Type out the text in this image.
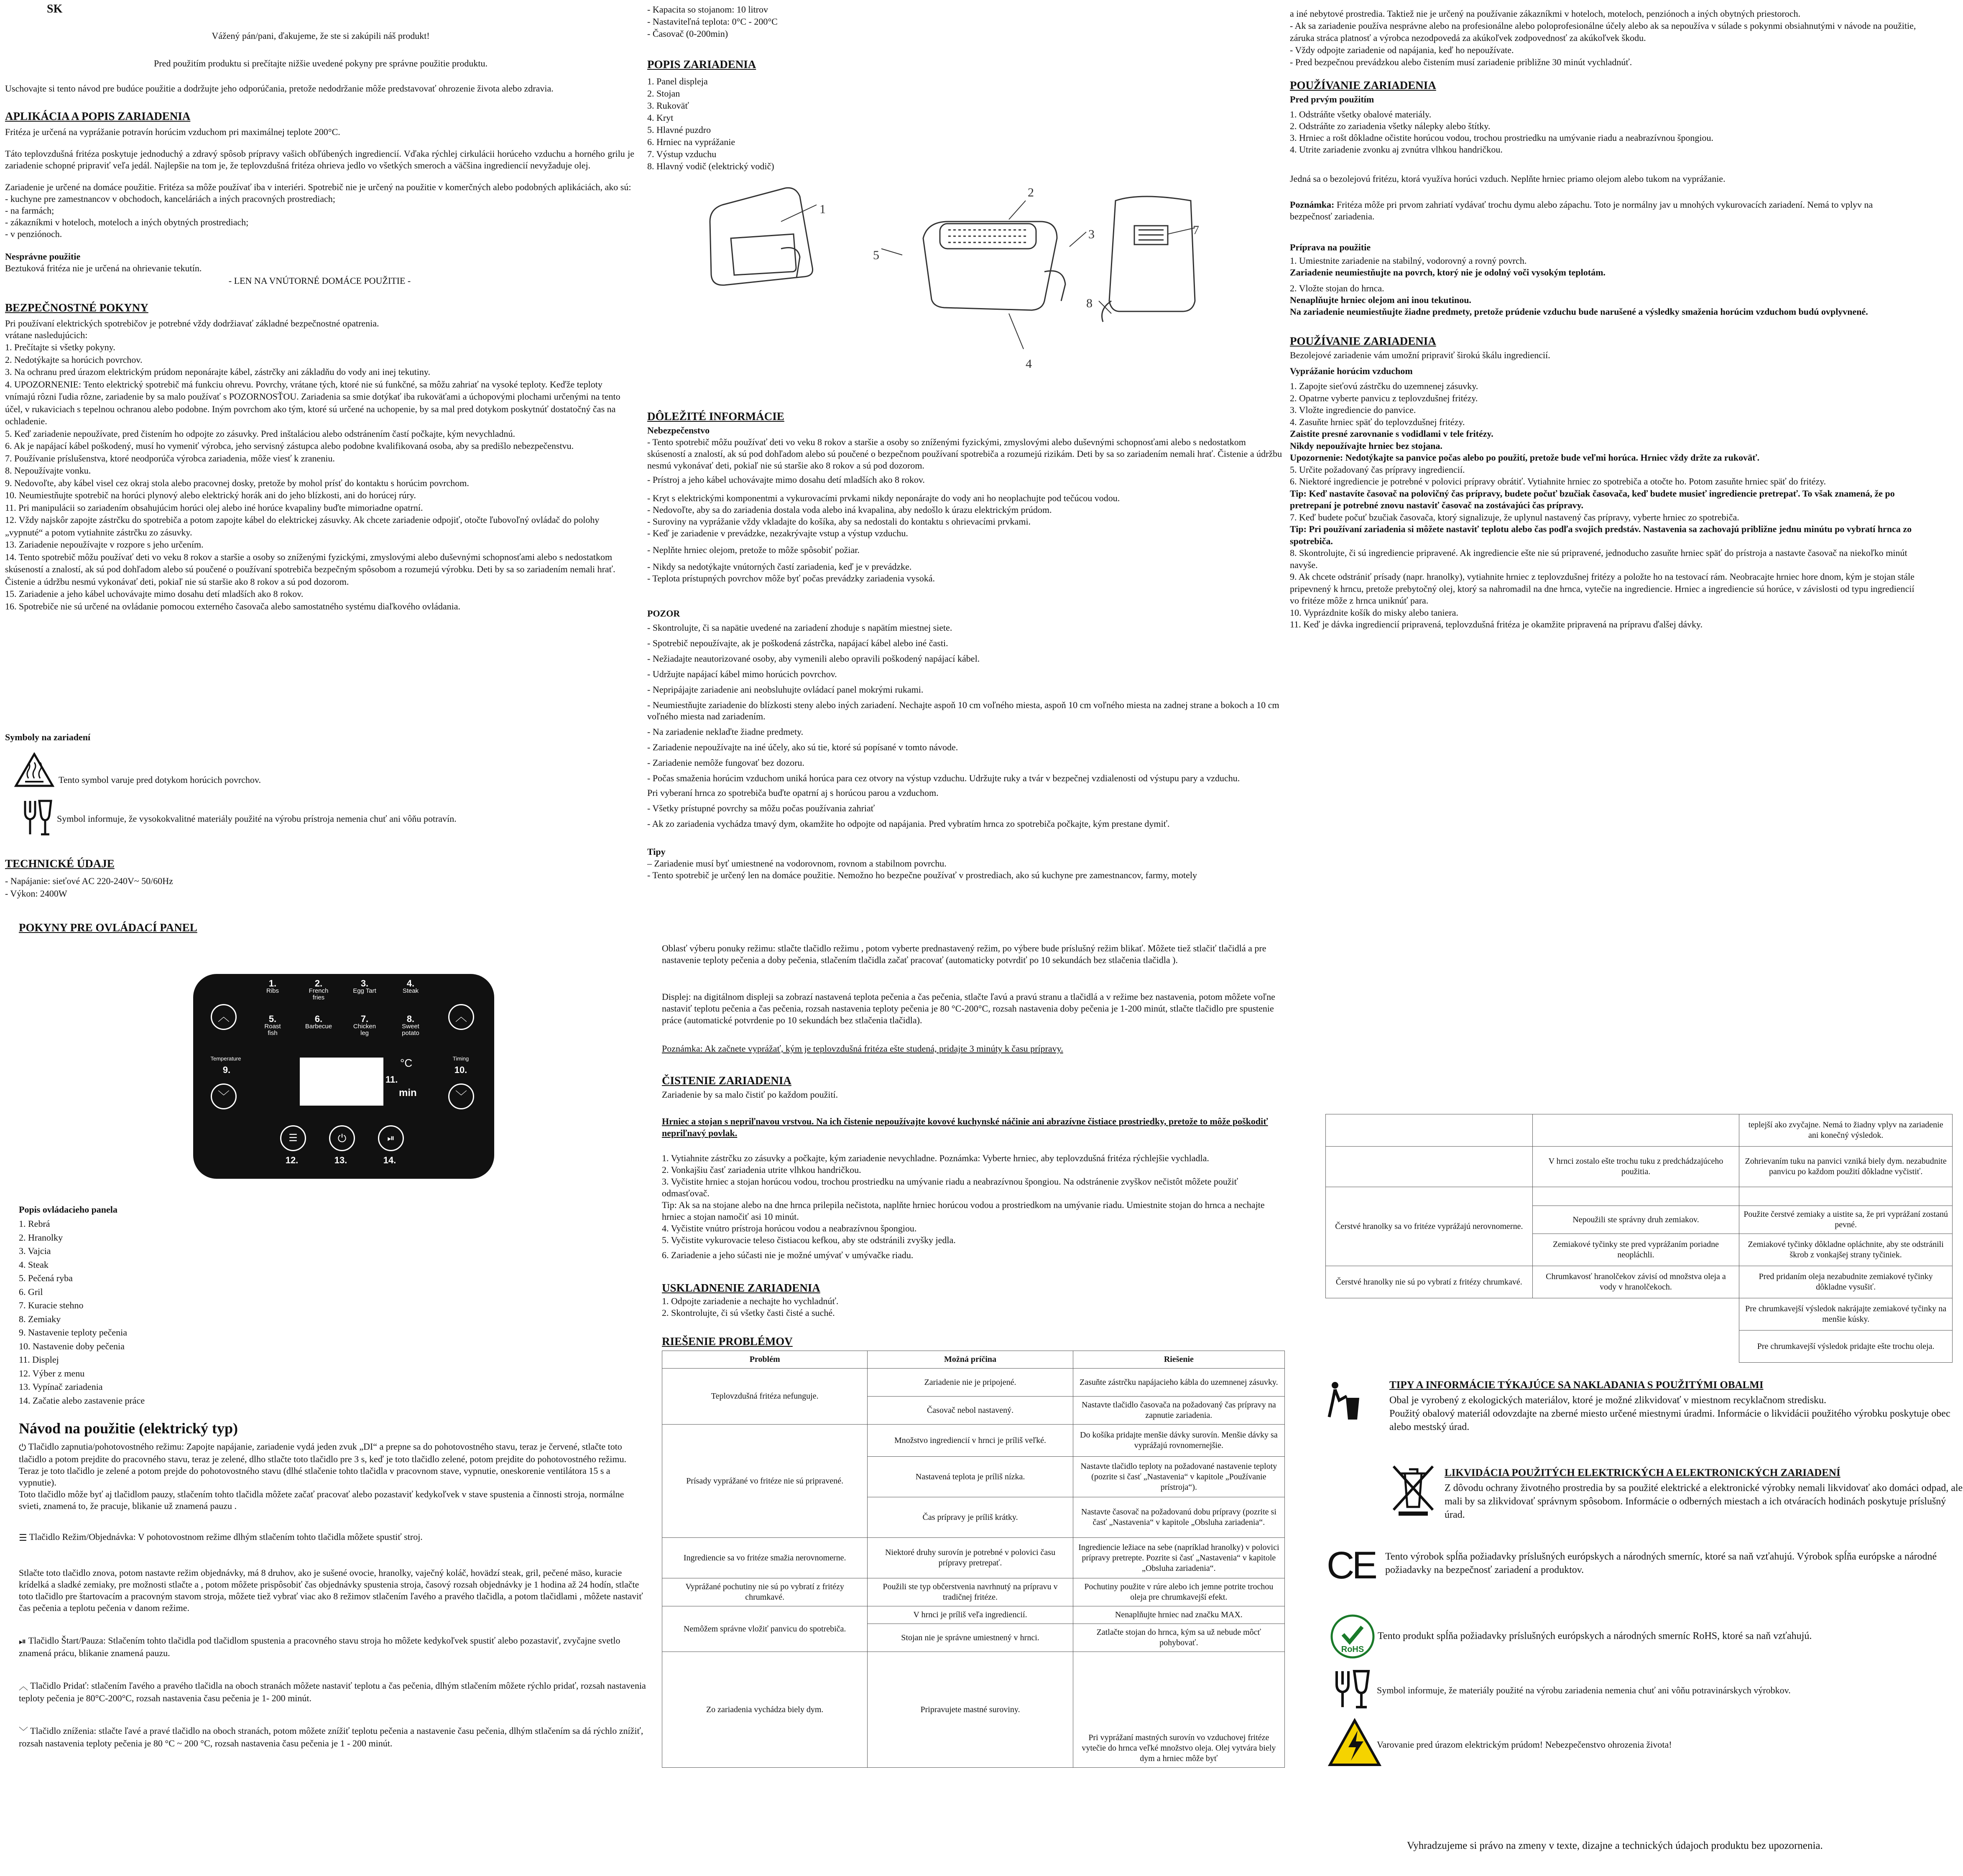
SK
Vážený pán/pani, ďakujeme, že ste si zakúpili náš produkt!
Pred použitím produktu si prečítajte nižšie uvedené pokyny pre správne použitie produktu.
Uschovajte si tento návod pre budúce použitie a dodržujte jeho odporúčania, pretože nedodržanie môže predstavovať ohrozenie života alebo zdravia.
APLIKÁCIA A POPIS ZARIADENIA
Fritéza je určená na vyprážanie potravín horúcim vzduchom pri maximálnej teplote 200°C.
Táto teplovzdušná fritéza poskytuje jednoduchý a zdravý spôsob prípravy vašich obľúbených ingrediencií. Vďaka rýchlej cirkulácii horúceho vzduchu a horného grilu je zariadenie schopné pripraviť veľa jedál. Najlepšie na tom je, že teplovzdušná fritéza ohrieva jedlo vo všetkých smeroch a väčšina ingrediencií nevyžaduje olej.
Zariadenie je určené na domáce použitie. Fritéza sa môže používať iba v interiéri. Spotrebič nie je určený na použitie v komerčných alebo podobných aplikáciách, ako sú:
- kuchyne pre zamestnancov v obchodoch, kanceláriách a iných pracovných prostrediach;
- na farmách;
- zákazníkmi v hoteloch, moteloch a iných obytných prostrediach;
- v penziónoch.
Nesprávne použitie
Beztuková fritéza nie je určená na ohrievanie tekutín.
- LEN NA VNÚTORNÉ DOMÁCE POUŽITIE -
BEZPEČNOSTNÉ POKYNY
Pri používaní elektrických spotrebičov je potrebné vždy dodržiavať základné bezpečnostné opatrenia.
vrátane nasledujúcich:
1. Prečítajte si všetky pokyny.
2. Nedotýkajte sa horúcich povrchov.
3. Na ochranu pred úrazom elektrickým prúdom neponárajte kábel, zástrčky ani základňu do vody ani inej tekutiny.
4. UPOZORNENIE: Tento elektrický spotrebič má funkciu ohrevu. Povrchy, vrátane tých, ktoré nie sú funkčné, sa môžu zahriať na vysoké teploty. Keďže teploty vnímajú rôzni ľudia rôzne, zariadenie by sa malo používať s POZORNOSŤOU. Zariadenia sa smie dotýkať iba rukoväťami a úchopovými plochami určenými na tento účel, v rukaviciach s tepelnou ochranou alebo podobne. Iným povrchom ako tým, ktoré sú určené na uchopenie, by sa mal pred dotykom poskytnúť dostatočný čas na ochladenie.
5. Keď zariadenie nepoužívate, pred čistením ho odpojte zo zásuvky. Pred inštaláciou alebo odstránením častí počkajte, kým nevychladnú.
6. Ak je napájací kábel poškodený, musí ho vymeniť výrobca, jeho servisný zástupca alebo podobne kvalifikovaná osoba, aby sa predišlo nebezpečenstvu.
7. Používanie príslušenstva, ktoré neodporúča výrobca zariadenia, môže viesť k zraneniu.
8. Nepoužívajte vonku.
9. Nedovoľte, aby kábel visel cez okraj stola alebo pracovnej dosky, pretože by mohol prísť do kontaktu s horúcim povrchom.
10. Neumiestňujte spotrebič na horúci plynový alebo elektrický horák ani do jeho blízkosti, ani do horúcej rúry.
11. Pri manipulácii so zariadením obsahujúcim horúci olej alebo iné horúce kvapaliny buďte mimoriadne opatrní.
12. Vždy najskôr zapojte zástrčku do spotrebiča a potom zapojte kábel do elektrickej zásuvky. Ak chcete zariadenie odpojiť, otočte ľubovoľný ovládač do polohy „vypnuté“ a potom vytiahnite zástrčku zo zásuvky.
13. Zariadenie nepoužívajte v rozpore s jeho určením.
14. Tento spotrebič môžu používať deti vo veku 8 rokov a staršie a osoby so zníženými fyzickými, zmyslovými alebo duševnými schopnosťami alebo s nedostatkom skúseností a znalostí, ak sú pod dohľadom alebo sú poučené o používaní spotrebiča bezpečným spôsobom a rozumejú výrobku. Deti by sa so zariadením nemali hrať. Čistenie a údržbu nesmú vykonávať deti, pokiaľ nie sú staršie ako 8 rokov a sú pod dozorom.
15. Zariadenie a jeho kábel uchovávajte mimo dosahu detí mladších ako 8 rokov.
16. Spotrebiče nie sú určené na ovládanie pomocou externého časovača alebo samostatného systému diaľkového ovládania.
Symboly na zariadení
Tento symbol varuje pred dotykom horúcich povrchov.
Symbol informuje, že vysokokvalitné materiály použité na výrobu prístroja nemenia chuť ani vôňu potravín.
TECHNICKÉ ÚDAJE
- Napájanie: sieťové AC 220-240V~ 50/60Hz
- Výkon: 2400W
POKYNY PRE OVLÁDACÍ PANEL
1.
Ribs
2.
French fries
3.
Egg Tart
4.
Steak
5.
Roast fish
6.
Barbecue
7.
Chicken leg
8.
Sweet potato
︿	︿
Temperature	Timing
9.	10.
﹀	﹀
°C
11.
min
☰	⏻	⏯
12.	13.	14.
Popis ovládacieho panela
1. Rebrá
2. Hranolky
3. Vajcia
4. Steak
5. Pečená ryba
6. Gril
7. Kuracie stehno
8. Zemiaky
9. Nastavenie teploty pečenia
10. Nastavenie doby pečenia
11. Displej
12. Výber z menu
13. Vypínač zariadenia
14. Začatie alebo zastavenie práce
Návod na použitie (elektrický typ)
⏻ Tlačidlo zapnutia/pohotovostného režimu: Zapojte napájanie, zariadenie vydá jeden zvuk „DI“ a prepne sa do pohotovostného stavu, teraz je červené, stlačte toto tlačidlo a potom prejdite do pracovného stavu, teraz je zelené, dlho stlačte toto tlačidlo pre 3 s, keď je toto tlačidlo zelené, potom prejdite do pohotovostného režimu.
Teraz je toto tlačidlo je zelené a potom prejde do pohotovostného stavu (dlhé stlačenie tohto tlačidla v pracovnom stave, vypnutie, oneskorenie ventilátora 15 s a vypnutie).
Toto tlačidlo môže byť aj tlačidlom pauzy, stlačením tohto tlačidla môžete začať pracovať alebo pozastaviť kedykoľvek v stave spustenia a činnosti stroja, normálne svieti, znamená to, že pracuje, blikanie už znamená pauzu .
☰ Tlačidlo Režim/Objednávka: V pohotovostnom režime dlhým stlačením tohto tlačidla môžete spustiť stroj.
Stlačte toto tlačidlo znova, potom nastavte režim objednávky, má 8 druhov, ako je sušené ovocie, hranolky, vaječný koláč, hovädzí steak, gril, pečené mäso, kuracie krídelká a sladké zemiaky, pre možnosti stlačte a , potom môžete prispôsobiť čas objednávky spustenia stroja, časový rozsah objednávky je 1 hodina až 24 hodín, stlačte toto tlačidlo pre štartovacím a pracovným stavom stroja, môžete tiež vybrať viac ako 8 režimov stlačením ľavého a pravého tlačidla, a potom tlačidlami , môžete nastaviť čas pečenia a teplotu pečenia v danom režime.
⏯ Tlačidlo Štart/Pauza: Stlačením tohto tlačidla pod tlačidlom spustenia a pracovného stavu stroja ho môžete kedykoľvek spustiť alebo pozastaviť, zvyčajne svetlo znamená prácu, blikanie znamená pauzu.
︿ Tlačidlo Pridať: stlačením ľavého a pravého tlačidla na oboch stranách môžete nastaviť teplotu a čas pečenia, dlhým stlačením môžete rýchlo pridať, rozsah nastavenia teploty pečenia je 80°C-200°C, rozsah nastavenia času pečenia je 1- 200 minút.
﹀ Tlačidlo zníženia: stlačte ľavé a pravé tlačidlo na oboch stranách, potom môžete znížiť teplotu pečenia a nastavenie času pečenia, dlhým stlačením sa dá rýchlo znížiť, rozsah nastavenia teploty pečenia je 80 °C ~ 200 °C, rozsah nastavenia času pečenia je 1 - 200 minút.
- Kapacita so stojanom: 10 litrov
- Nastaviteľná teplota: 0°C - 200°C
- Časovač (0-200min)
POPIS ZARIADENIA
1. Panel displeja
2. Stojan
3. Rukoväť
4. Kryt
5. Hlavné puzdro
6. Hrniec na vyprážanie
7. Výstup vzduchu
8. Hlavný vodič (elektrický vodič)
1
2
3
4
5
7
8
DÔLEŽITÉ INFORMÁCIE
Nebezpečenstvo
- Tento spotrebič môžu používať deti vo veku 8 rokov a staršie a osoby so zníženými fyzickými, zmyslovými alebo duševnými schopnosťami alebo s nedostatkom skúseností a znalostí, ak sú pod dohľadom alebo sú poučené o bezpečnom používaní spotrebiča a rozumejú rizikám. Deti by sa so zariadením nemali hrať. Čistenie a údržbu nesmú vykonávať deti, pokiaľ nie sú staršie ako 8 rokov a sú pod dozorom.
- Prístroj a jeho kábel uchovávajte mimo dosahu detí mladších ako 8 rokov.
- Kryt s elektrickými komponentmi a vykurovacími prvkami nikdy neponárajte do vody ani ho neoplachujte pod tečúcou vodou.
- Nedovoľte, aby sa do zariadenia dostala voda alebo iná kvapalina, aby nedošlo k úrazu elektrickým prúdom.
- Suroviny na vyprážanie vždy vkladajte do košíka, aby sa nedostali do kontaktu s ohrievacími prvkami.
- Keď je zariadenie v prevádzke, nezakrývajte vstup a výstup vzduchu.
- Neplňte hrniec olejom, pretože to môže spôsobiť požiar.
- Nikdy sa nedotýkajte vnútorných častí zariadenia, keď je v prevádzke.
- Teplota prístupných povrchov môže byť počas prevádzky zariadenia vysoká.
POZOR
- Skontrolujte, či sa napätie uvedené na zariadení zhoduje s napätím miestnej siete.
- Spotrebič nepoužívajte, ak je poškodená zástrčka, napájací kábel alebo iné časti.
- Nežiadajte neautorizované osoby, aby vymenili alebo opravili poškodený napájací kábel.
- Udržujte napájací kábel mimo horúcich povrchov.
- Nepripájajte zariadenie ani neobsluhujte ovládací panel mokrými rukami.
- Neumiestňujte zariadenie do blízkosti steny alebo iných zariadení. Nechajte aspoň 10 cm voľného miesta, aspoň 10 cm voľného miesta na zadnej strane a bokoch a 10 cm voľného miesta nad zariadením.
- Na zariadenie neklaďte žiadne predmety.
- Zariadenie nepoužívajte na iné účely, ako sú tie, ktoré sú popísané v tomto návode.
- Zariadenie nemôže fungovať bez dozoru.
- Počas smaženia horúcim vzduchom uniká horúca para cez otvory na výstup vzduchu. Udržujte ruky a tvár v bezpečnej vzdialenosti od výstupu pary a vzduchu.
Pri vyberaní hrnca zo spotrebiča buďte opatrní aj s horúcou parou a vzduchom.
- Všetky prístupné povrchy sa môžu počas používania zahriať
- Ak zo zariadenia vychádza tmavý dym, okamžite ho odpojte od napájania. Pred vybratím hrnca zo spotrebiča počkajte, kým prestane dymiť.
Tipy
– Zariadenie musí byť umiestnené na vodorovnom, rovnom a stabilnom povrchu.
- Tento spotrebič je určený len na domáce použitie. Nemožno ho bezpečne používať v prostrediach, ako sú kuchyne pre zamestnancov, farmy, motely
Oblasť výberu ponuky režimu: stlačte tlačidlo režimu , potom vyberte prednastavený režim, po výbere bude príslušný režim blikať. Môžete tiež stlačiť tlačidlá a pre nastavenie teploty pečenia a doby pečenia, stlačením tlačidla začať pracovať (automaticky potvrdiť po 10 sekundách bez stlačenia tlačidla ).
Displej: na digitálnom displeji sa zobrazí nastavená teplota pečenia a čas pečenia, stlačte ľavú a pravú stranu a tlačidlá a v režime bez nastavenia, potom môžete voľne nastaviť teplotu pečenia a čas pečenia, rozsah nastavenia teploty pečenia je 80 °C-200°C, rozsah nastavenia doby pečenia je 1-200 minút, stlačte tlačidlo pre spustenie práce (automatické potvrdenie po 10 sekundách bez stlačenia tlačidla).
Poznámka: Ak začnete vyprážať, kým je teplovzdušná fritéza ešte studená, pridajte 3 minúty k času prípravy.
ČISTENIE ZARIADENIA
Zariadenie by sa malo čistiť po každom použití.
Hrniec a stojan s nepriľnavou vrstvou. Na ich čistenie nepoužívajte kovové kuchynské náčinie ani abrazívne čistiace prostriedky, pretože to môže poškodiť nepriľnavý povlak.
1. Vytiahnite zástrčku zo zásuvky a počkajte, kým zariadenie nevychladne. Poznámka: Vyberte hrniec, aby teplovzdušná fritéza rýchlejšie vychladla.
2. Vonkajšiu časť zariadenia utrite vlhkou handričkou.
3. Vyčistite hrniec a stojan horúcou vodou, trochou prostriedku na umývanie riadu a neabrazívnou špongiou. Na odstránenie zvyškov nečistôt môžete použiť odmasťovač.
Tip: Ak sa na stojane alebo na dne hrnca prilepila nečistota, naplňte hrniec horúcou vodou a prostriedkom na umývanie riadu. Umiestnite stojan do hrnca a nechajte hrniec a stojan namočiť asi 10 minút.
4. Vyčistite vnútro prístroja horúcou vodou a neabrazívnou špongiou.
5. Vyčistite vykurovacie teleso čistiacou kefkou, aby ste odstránili zvyšky jedla.
6. Zariadenie a jeho súčasti nie je možné umývať v umývačke riadu.
USKLADNENIE ZARIADENIA
1. Odpojte zariadenie a nechajte ho vychladnúť.
2. Skontrolujte, či sú všetky časti čisté a suché.
RIEŠENIE PROBLÉMOV
Problém	Možná príčina	Riešenie
Teplovzdušná fritéza nefunguje.	Zariadenie nie je pripojené.	Zasuňte zástrčku napájacieho kábla do uzemnenej zásuvky.
	Časovač nebol nastavený.	Nastavte tlačidlo časovača na požadovaný čas prípravy na zapnutie zariadenia.
Prísady vyprážané vo fritéze nie sú pripravené.	Množstvo ingrediencií v hrnci je príliš veľké.	Do košíka pridajte menšie dávky surovín. Menšie dávky sa vyprážajú rovnomernejšie.
	Nastavená teplota je príliš nízka.	Nastavte tlačidlo teploty na požadované nastavenie teploty (pozrite si časť „Nastavenia“ v kapitole „Používanie prístroja“).
	Čas prípravy je príliš krátky.	Nastavte časovač na požadovanú dobu prípravy (pozrite si časť „Nastavenia“ v kapitole „Obsluha zariadenia“.
Ingrediencie sa vo fritéze smažia nerovnomerne.	Niektoré druhy surovín je potrebné v polovici času prípravy pretrepať.	Ingrediencie ležiace na sebe (napríklad hranolky) v polovici prípravy pretrepte. Pozrite si časť „Nastavenia“ v kapitole „Obsluha zariadenia“.
Vyprážané pochutiny nie sú po vybratí z fritézy chrumkavé.	Použili ste typ občerstvenia navrhnutý na prípravu v tradičnej fritéze.	Pochutiny použite v rúre alebo ich jemne potrite trochou oleja pre chrumkavejší efekt.
Nemôžem správne vložiť panvicu do spotrebiča.	V hrnci je príliš veľa ingrediencií.	Nenaplňujte hrniec nad značku MAX.
	Stojan nie je správne umiestnený v hrnci.	Zatlačte stojan do hrnca, kým sa už nebude môcť pohybovať.
Zo zariadenia vychádza biely dym.	Pripravujete mastné suroviny.	Pri vyprážaní mastných surovín vo vzduchovej fritéze vytečie do hrnca veľké množstvo oleja. Olej vytvára biely dym a hrniec môže byť
a iné nebytové prostredia. Taktiež nie je určený na používanie zákazníkmi v hoteloch, moteloch, penziónoch a iných obytných priestoroch.
- Ak sa zariadenie používa nesprávne alebo na profesionálne alebo poloprofesionálne účely alebo ak sa nepoužíva v súlade s pokynmi obsiahnutými v návode na použitie, záruka stráca platnosť a výrobca nezodpovedá za akúkoľvek zodpovednosť za akúkoľvek škodu.
- Vždy odpojte zariadenie od napájania, keď ho nepoužívate.
- Pred bezpečnou prevádzkou alebo čistením musí zariadenie približne 30 minút vychladnúť.
POUŽÍVANIE ZARIADENIA
Pred prvým použitím
1. Odstráňte všetky obalové materiály.
2. Odstráňte zo zariadenia všetky nálepky alebo štítky.
3. Hrniec a rošt dôkladne očistite horúcou vodou, trochou prostriedku na umývanie riadu a neabrazívnou špongiou.
4. Utrite zariadenie zvonku aj zvnútra vlhkou handričkou.
Jedná sa o bezolejovú fritézu, ktorá využíva horúci vzduch. Neplňte hrniec priamo olejom alebo tukom na vyprážanie.
Poznámka: Fritéza môže pri prvom zahriatí vydávať trochu dymu alebo zápachu. Toto je normálny jav u mnohých vykurovacích zariadení. Nemá to vplyv na bezpečnosť zariadenia.
Príprava na použitie
1. Umiestnite zariadenie na stabilný, vodorovný a rovný povrch.
Zariadenie neumiestňujte na povrch, ktorý nie je odolný voči vysokým teplotám.
2. Vložte stojan do hrnca.
Nenaplňujte hrniec olejom ani inou tekutinou.
Na zariadenie neumiestňujte žiadne predmety, pretože prúdenie vzduchu bude narušené a výsledky smaženia horúcim vzduchom budú ovplyvnené.
POUŽÍVANIE ZARIADENIA
Bezolejové zariadenie vám umožní pripraviť širokú škálu ingrediencií.
Vyprážanie horúcim vzduchom
1. Zapojte sieťovú zástrčku do uzemnenej zásuvky.
2. Opatrne vyberte panvicu z teplovzdušnej fritézy.
3. Vložte ingrediencie do panvice.
4. Zasuňte hrniec späť do teplovzdušnej fritézy.
Zaistite presné zarovnanie s vodidlami v tele fritézy.
Nikdy nepoužívajte hrniec bez stojana.
Upozornenie: Nedotýkajte sa panvice počas alebo po použití, pretože bude veľmi horúca. Hrniec vždy držte za rukoväť.
5. Určite požadovaný čas prípravy ingrediencií.
6. Niektoré ingrediencie je potrebné v polovici prípravy obrátiť. Vytiahnite hrniec zo spotrebiča a otočte ho. Potom zasuňte hrniec späť do fritézy.
Tip: Keď nastavíte časovač na polovičný čas prípravy, budete počuť bzučiak časovača, keď budete musieť ingrediencie pretrepať. To však znamená, že po pretrepaní je potrebné znovu nastaviť časovač na zostávajúci čas prípravy.
7. Keď budete počuť bzučiak časovača, ktorý signalizuje, že uplynul nastavený čas prípravy, vyberte hrniec zo spotrebiča.
Tip: Pri používaní zariadenia si môžete nastaviť teplotu alebo čas podľa svojich predstáv. Nastavenia sa zachovajú približne jednu minútu po vybratí hrnca zo spotrebiča.
8. Skontrolujte, či sú ingrediencie pripravené. Ak ingrediencie ešte nie sú pripravené, jednoducho zasuňte hrniec späť do prístroja a nastavte časovač na niekoľko minút navyše.
9. Ak chcete odstrániť prísady (napr. hranolky), vytiahnite hrniec z teplovzdušnej fritézy a položte ho na testovací rám. Neobracajte hrniec hore dnom, kým je stojan stále pripevnený k hrncu, pretože prebytočný olej, ktorý sa nahromadil na dne hrnca, vytečie na ingrediencie. Hrniec a ingrediencie sú horúce, v závislosti od typu ingrediencií vo fritéze môže z hrnca uniknúť para.
10. Vyprázdnite košík do misky alebo taniera.
11. Keď je dávka ingrediencií pripravená, teplovzdušná fritéza je okamžite pripravená na prípravu ďalšej dávky.
		teplejší ako zvyčajne. Nemá to žiadny vplyv na zariadenie ani konečný výsledok.
	V hrnci zostalo ešte trochu tuku z predchádzajúceho použitia.	Zohrievaním tuku na panvici vzniká biely dym. nezabudnite panvicu po každom použití dôkladne vyčistiť.
Čerstvé hranolky sa vo fritéze vyprážajú nerovnomerne.		
	Nepoužili ste správny druh zemiakov.	Použite čerstvé zemiaky a uistite sa, že pri vyprážaní zostanú pevné.
	Zemiakové tyčinky ste pred vyprážaním poriadne neopláchli.	Zemiakové tyčinky dôkladne opláchnite, aby ste odstránili škrob z vonkajšej strany tyčiniek.
Čerstvé hranolky nie sú po vybratí z fritézy chrumkavé.	Chrumkavosť hranolčekov závisí od množstva oleja a vody v hranolčekoch.	Pred pridaním oleja nezabudnite zemiakové tyčinky dôkladne vysušiť.
		Pre chrumkavejší výsledok nakrájajte zemiakové tyčinky na menšie kúsky.
		Pre chrumkavejší výsledok pridajte ešte trochu oleja.
TIPY A INFORMÁCIE TÝKAJÚCE SA NAKLADANIA S POUŽITÝMI OBALMI
Obal je vyrobený z ekologických materiálov, ktoré je možné zlikvidovať v miestnom recyklačnom stredisku.
Použitý obalový materiál odovzdajte na zberné miesto určené miestnymi úradmi. Informácie o likvidácii použitého výrobku poskytuje obec alebo mestský úrad.
LIKVIDÁCIA POUŽITÝCH ELEKTRICKÝCH A ELEKTRONICKÝCH ZARIADENÍ
Z dôvodu ochrany životného prostredia by sa použité elektrické a elektronické výrobky nemali likvidovať ako domáci odpad, ale mali by sa zlikvidovať správnym spôsobom. Informácie o odberných miestach a ich otváracích hodinách poskytuje príslušný úrad.
CE Tento výrobok spĺňa požiadavky príslušných európskych a národných smerníc, ktoré sa naň vzťahujú. Výrobok spĺňa európske a národné požiadavky na bezpečnosť zariadení a produktov.
RoHS
Tento produkt spĺňa požiadavky príslušných európskych a národných smerníc RoHS, ktoré sa naň vzťahujú.
Symbol informuje, že materiály použité na výrobu zariadenia nemenia chuť ani vôňu potravinárskych výrobkov.
Varovanie pred úrazom elektrickým prúdom! Nebezpečenstvo ohrozenia života!
Vyhradzujeme si právo na zmeny v texte, dizajne a technických údajoch produktu bez upozornenia.
